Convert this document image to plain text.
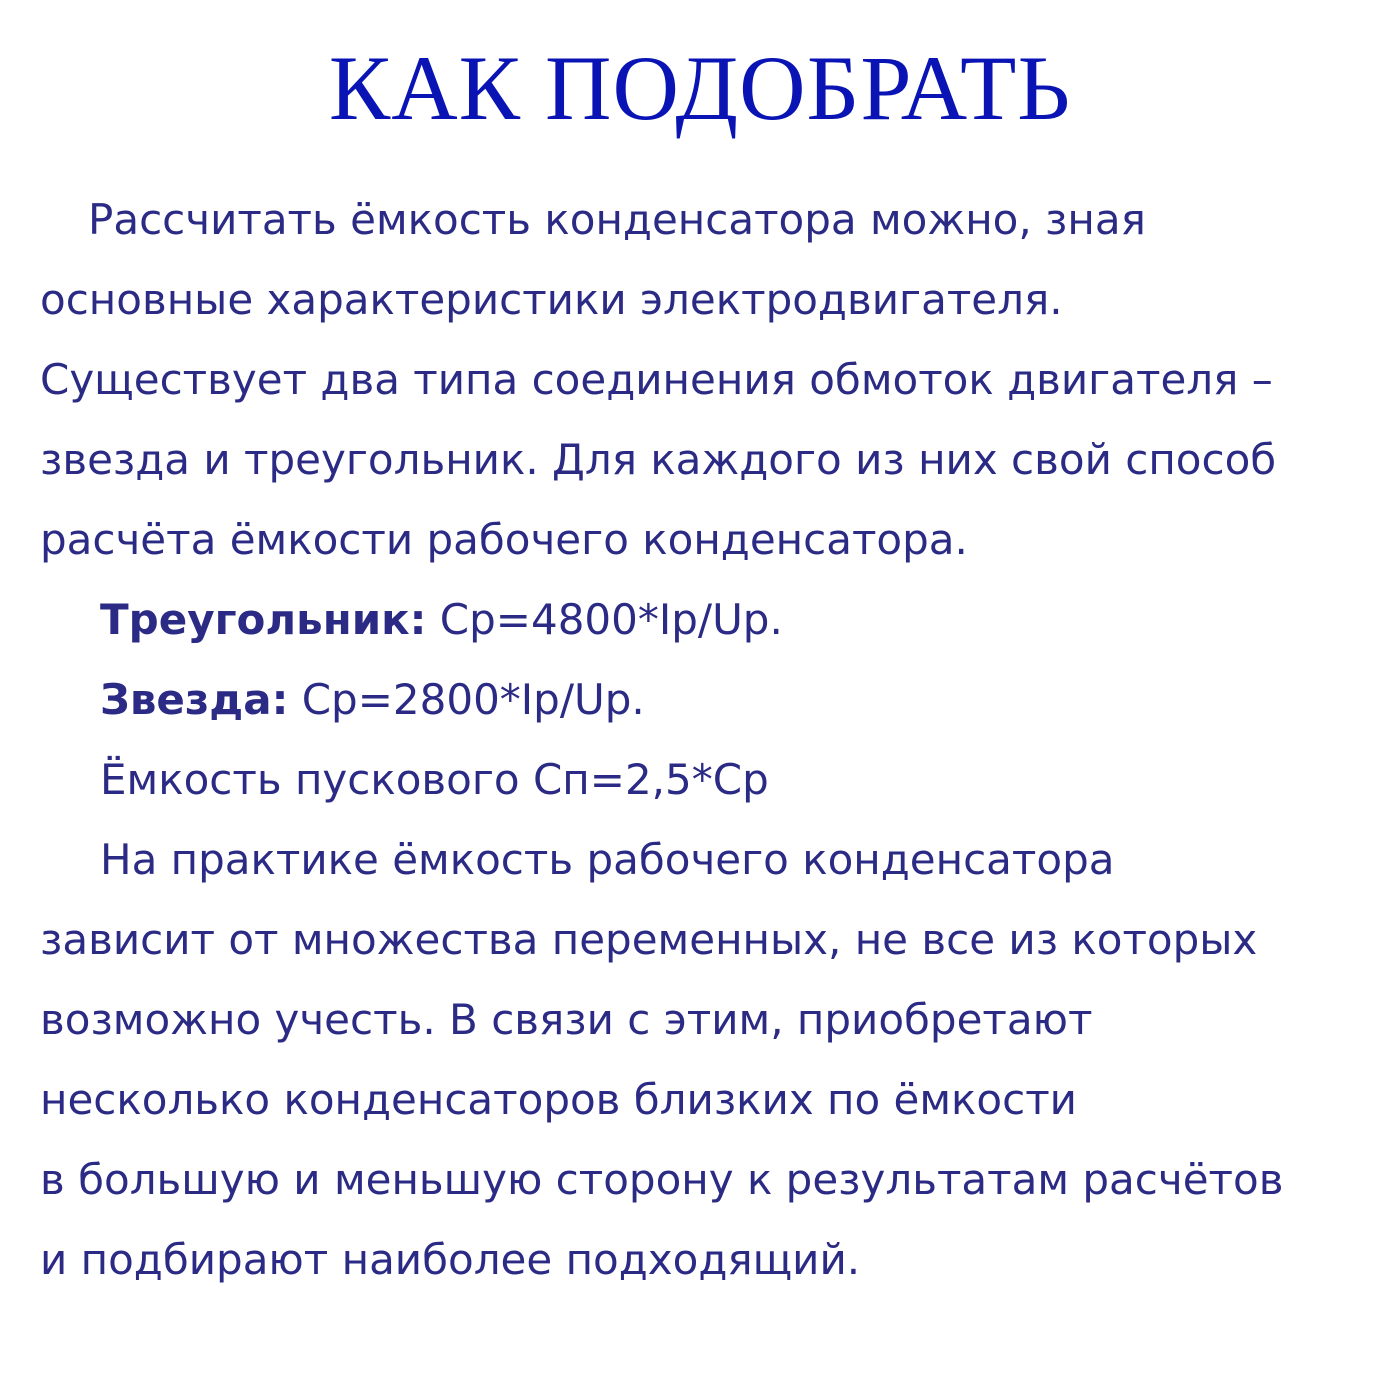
КАК ПОДОБРАТЬ

Рассчитать ёмкость конденсатора можно, зная

основные характеристики электродвигателя.

Существует два типа соединения обмоток двигателя –

звезда и треугольник. Для каждого из них свой способ

расчёта ёмкости рабочего конденсатора.

Треугольник: Ср=4800*Iр/Uр.

Звезда: Ср=2800*Iр/Uр.

Ёмкость пускового Сп=2,5*Ср

На практике ёмкость рабочего конденсатора

зависит от множества переменных, не все из которых

возможно учесть. В связи с этим, приобретают

несколько конденсаторов близких по ёмкости

в большую и меньшую сторону к результатам расчётов

и подбирают наиболее подходящий.
